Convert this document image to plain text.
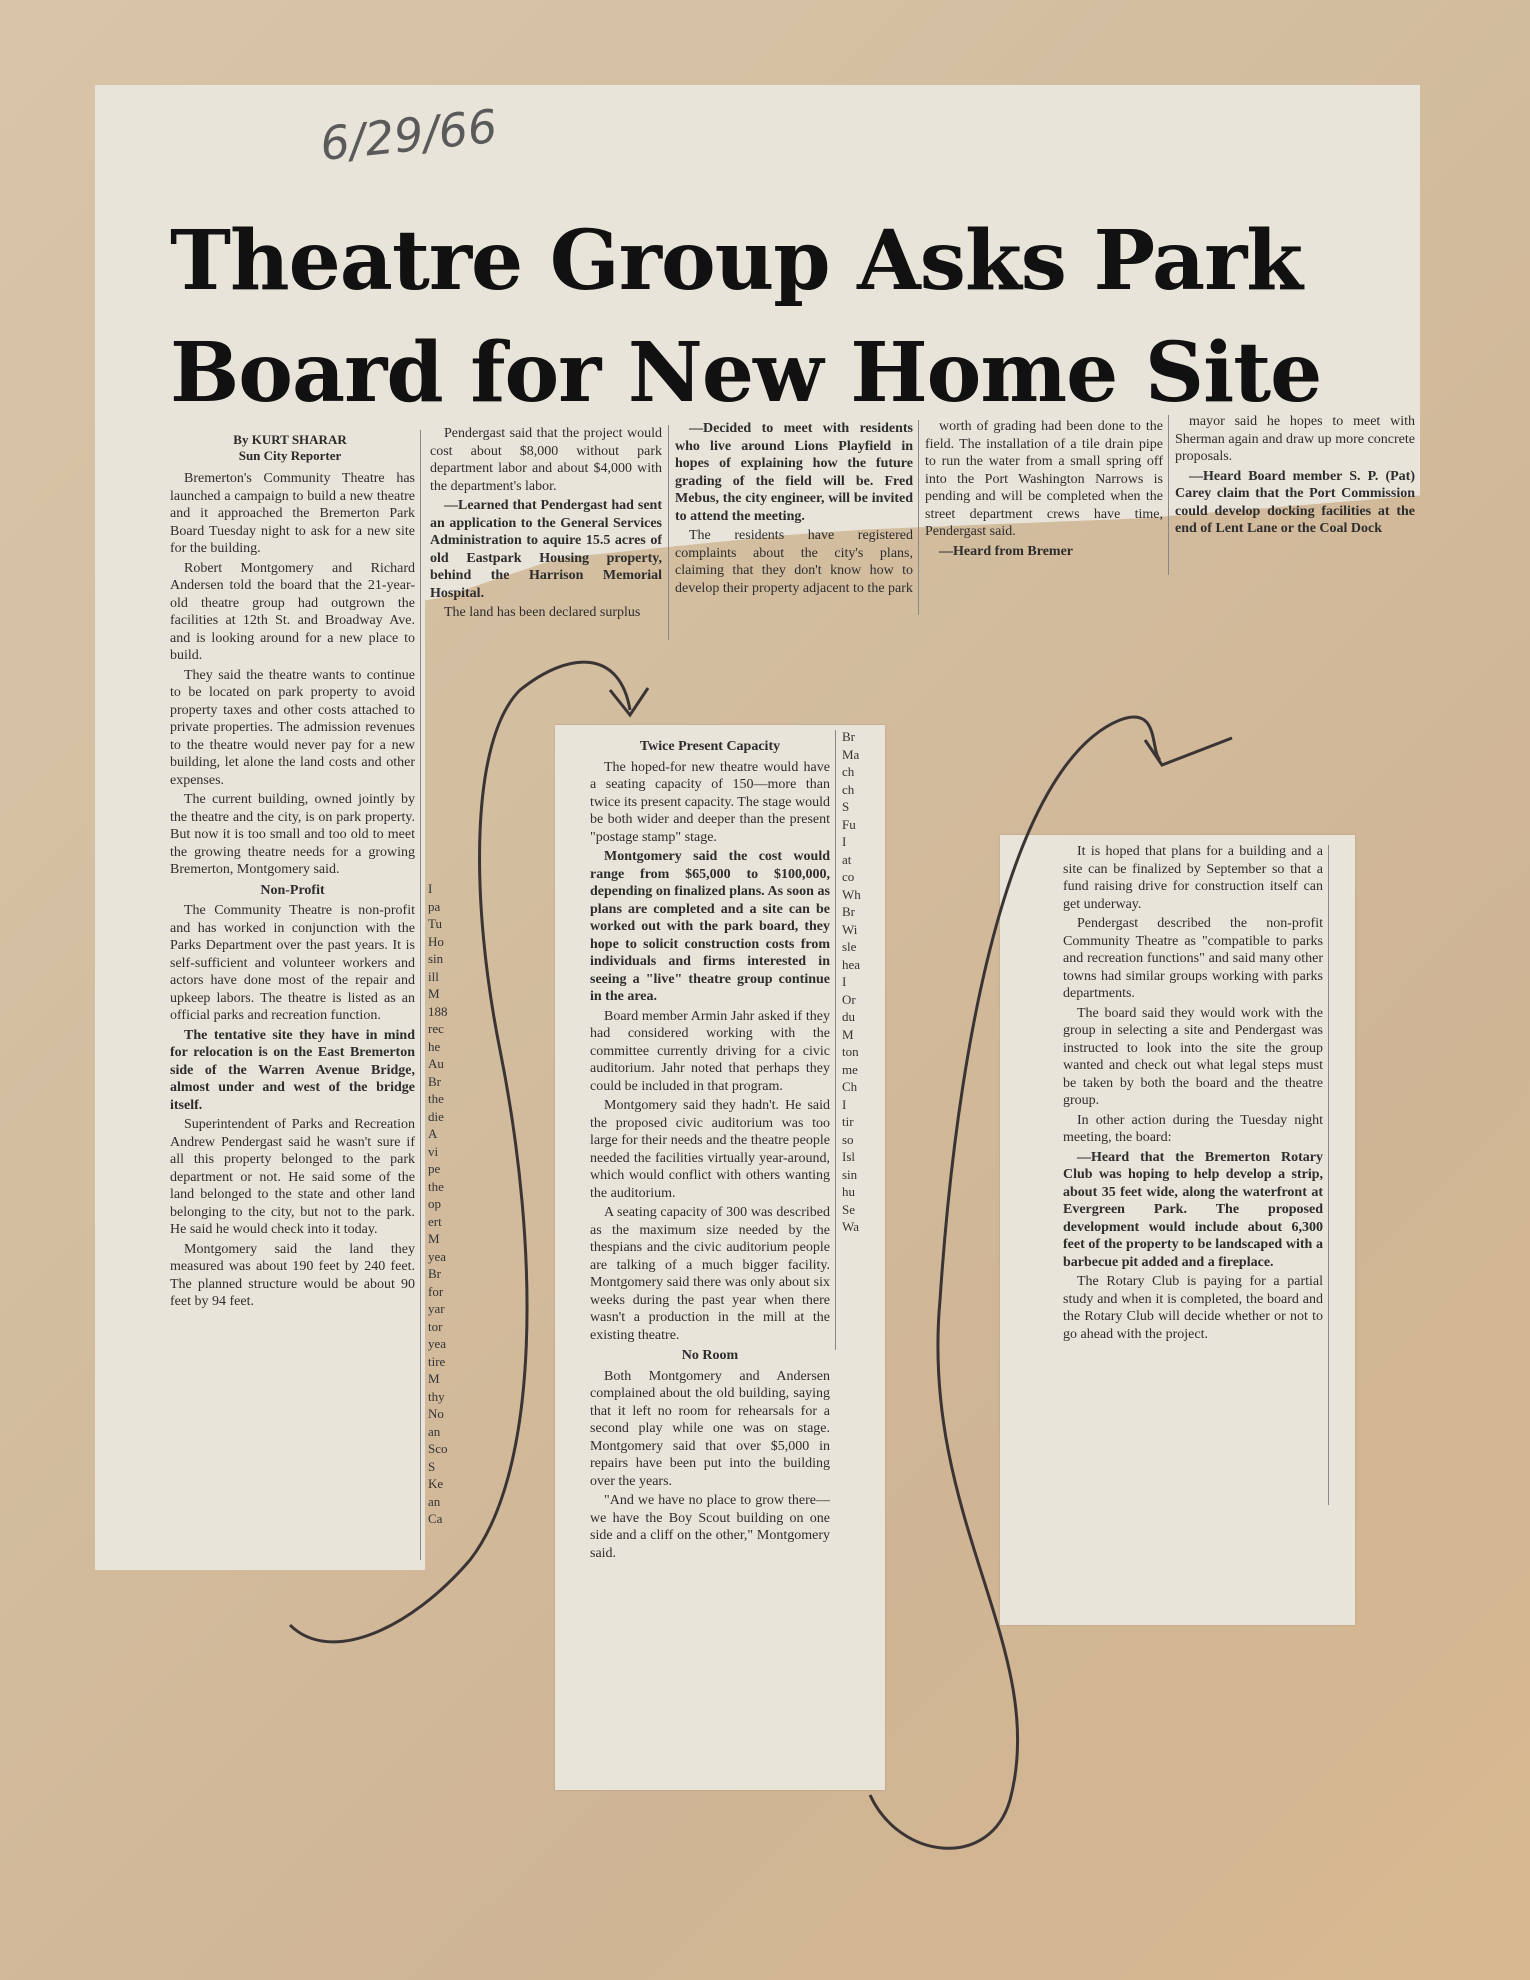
6/29/66
Theatre Group Asks Park
Board for New Home Site
By KURT SHARAR
Sun City Reporter

Bremerton's Community Theatre has launched a campaign to build a new theatre and it approached the Bremerton Park Board Tuesday night to ask for a new site for the building.

Robert Montgomery and Richard Andersen told the board that the 21-year-old theatre group had outgrown the facilities at 12th St. and Broadway Ave. and is looking around for a new place to build.

They said the theatre wants to continue to be located on park property to avoid property taxes and other costs attached to private properties. The admission revenues to the theatre would never pay for a new building, let alone the land costs and other expenses.

The current building, owned jointly by the theatre and the city, is on park property. But now it is too small and too old to meet the growing theatre needs for a growing Bremerton, Montgomery said.

Non-Profit

The Community Theatre is non-profit and has worked in conjunction with the Parks Department over the past years. It is self-sufficient and volunteer workers and actors have done most of the repair and upkeep labors. The theatre is listed as an official parks and recreation function.

The tentative site they have in mind for relocation is on the East Bremerton side of the Warren Avenue Bridge, almost under and west of the bridge itself.

Superintendent of Parks and Recreation Andrew Pendergast said he wasn't sure if all this property belonged to the park department or not. He said some of the land belonged to the state and other land belonging to the city, but not to the park. He said he would check into it today.

Montgomery said the land they measured was about 190 feet by 240 feet. The planned structure would be about 90 feet by 94 feet.

Pendergast said that the project would cost about $8,000 without park department labor and about $4,000 with the department's labor.

—Learned that Pendergast had sent an application to the General Services Administration to aquire 15.5 acres of old Eastpark Housing property, behind the Harrison Memorial Hospital.

The land has been declared surplus

—Decided to meet with residents who live around Lions Playfield in hopes of explaining how the future grading of the field will be. Fred Mebus, the city engineer, will be invited to attend the meeting.

The residents have registered complaints about the city's plans, claiming that they don't know how to develop their property adjacent to the park

worth of grading had been done to the field. The installation of a tile drain pipe to run the water from a small spring off into the Port Washington Narrows is pending and will be completed when the street department crews have time, Pendergast said.

—Heard from Bremer

mayor said he hopes to meet with Sherman again and draw up more concrete proposals.

—Heard Board member S. P. (Pat) Carey claim that the Port Commission could develop docking facilities at the end of Lent Lane or the Coal Dock

I pa Tu Ho sin ill M 188 rec he Au Br the die A vi pe the op ert M yea Br for yar tor yea tire M thy No an Sco S Ke an Ca

Twice Present Capacity

The hoped-for new theatre would have a seating capacity of 150—more than twice its present capacity. The stage would be both wider and deeper than the present "postage stamp" stage.

Montgomery said the cost would range from $65,000 to $100,000, depending on finalized plans. As soon as plans are completed and a site can be worked out with the park board, they hope to solicit construction costs from individuals and firms interested in seeing a "live" theatre group continue in the area.

Board member Armin Jahr asked if they had considered working with the committee currently driving for a civic auditorium. Jahr noted that perhaps they could be included in that program.

Montgomery said they hadn't. He said the proposed civic auditorium was too large for their needs and the theatre people needed the facilities virtually year-around, which would conflict with others wanting the auditorium.

A seating capacity of 300 was described as the maximum size needed by the thespians and the civic auditorium people are talking of a much bigger facility. Montgomery said there was only about six weeks during the past year when there wasn't a production in the mill at the existing theatre.

No Room

Both Montgomery and Andersen complained about the old building, saying that it left no room for rehearsals for a second play while one was on stage. Montgomery said that over $5,000 in repairs have been put into the building over the years.

"And we have no place to grow there—we have the Boy Scout building on one side and a cliff on the other," Montgomery said.

Br Ma ch ch S Fu I at co Wh Br Wi sle hea I Or du M ton me Ch I tir so Isl sin hu Se Wa

It is hoped that plans for a building and a site can be finalized by September so that a fund raising drive for construction itself can get underway.

Pendergast described the non-profit Community Theatre as "compatible to parks and recreation functions" and said many other towns had similar groups working with parks departments.

The board said they would work with the group in selecting a site and Pendergast was instructed to look into the site the group wanted and check out what legal steps must be taken by both the board and the theatre group.

In other action during the Tuesday night meeting, the board:

—Heard that the Bremerton Rotary Club was hoping to help develop a strip, about 35 feet wide, along the waterfront at Evergreen Park. The proposed development would include about 6,300 feet of the property to be landscaped with a barbecue pit added and a fireplace.

The Rotary Club is paying for a partial study and when it is completed, the board and the Rotary Club will decide whether or not to go ahead with the project.
